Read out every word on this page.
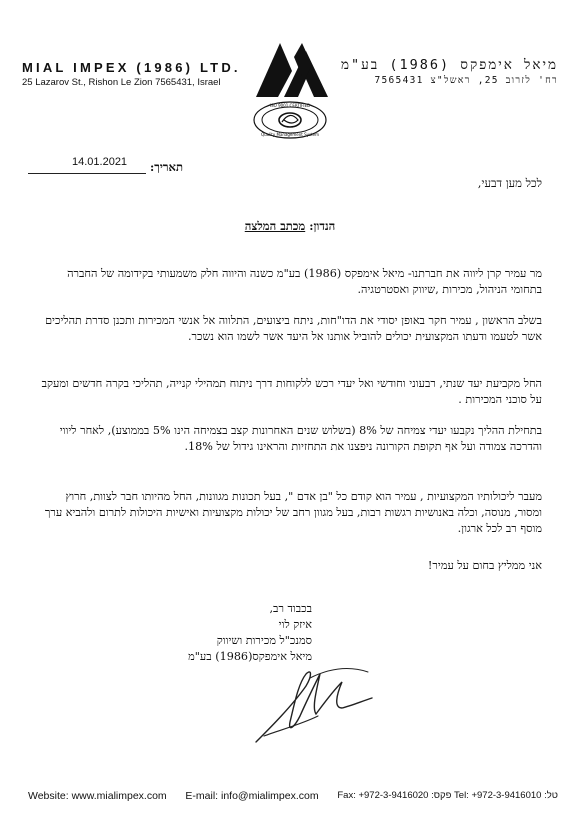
MIAL IMPEX (1986) LTD.
25 Lazarov St., Rishon Le Zion 7565431, Israel
מיאל אימפקס (1986) בע"מ
רח' לזרוב 25, ראשל"צ 7565431
ISO 9001 CERTIFIED
Quality Management System
14.01.2021 תאריך:
לכל מען דבעי,
הנדון: מכתב המלצה
מר עמיר קרן ליווה את חברתנו- מיאל אימפקס (1986) בע"מ כשנה והיווה חלק משמעותי בקידומה של החברה בתחומי הניהול, מכירות ,שיווק ואסטרטגיה.
בשלב הראשון , עמיר חקר באופן יסודי את הדו"חות, ניתח ביצועים, התלווה אל אנשי המכירות ותכנן סדרת תהליכים אשר לטעמו ודעתו המקצועית יכולים להוביל אותנו אל היעד אשר לשמו הוא נשכר.
החל מקביעת יעד שנתי, רבעוני וחודשי ואל יעדי רכש ללקוחות דרך ניתוח תמהילי קנייה, תהליכי בקרה חדשים ומעקב על סוכני המכירות .
בתחילת ההליך נקבעו יעדי צמיחה של 8% (בשלוש שנים האחרונות קצב בצמיחה הינו 5% בממוצע), לאחר ליווי והדרכה צמודה ועל אף תקופת הקורונה ניפצנו את התחזיות והראינו גידול של 18%.
מעבר ליכולותיו המקצועיות , עמיר הוא קודם כל "בן אדם ", בעל תכונות מגוונות, החל מהיותו חבר לצוות, חרוץ ומסור, מנוסה, וכלה באנושיות רגשות רבות, בעל מגוון רחב של יכולות מקצועיות ואישיות היכולות לתרום ולהביא ערך מוסף רב לכל ארגון.
אני ממליץ בחום על עמיר!
בכבוד רב,
איזק לוי
סמנכ"ל מכירות ושיווק
מיאל אימפקס(1986) בע"מ
Website: www.mialimpex.com E-mail: info@mialimpex.com Fax: +972-3-9416020 :פקס Tel: +972-3-9416010 :טל
